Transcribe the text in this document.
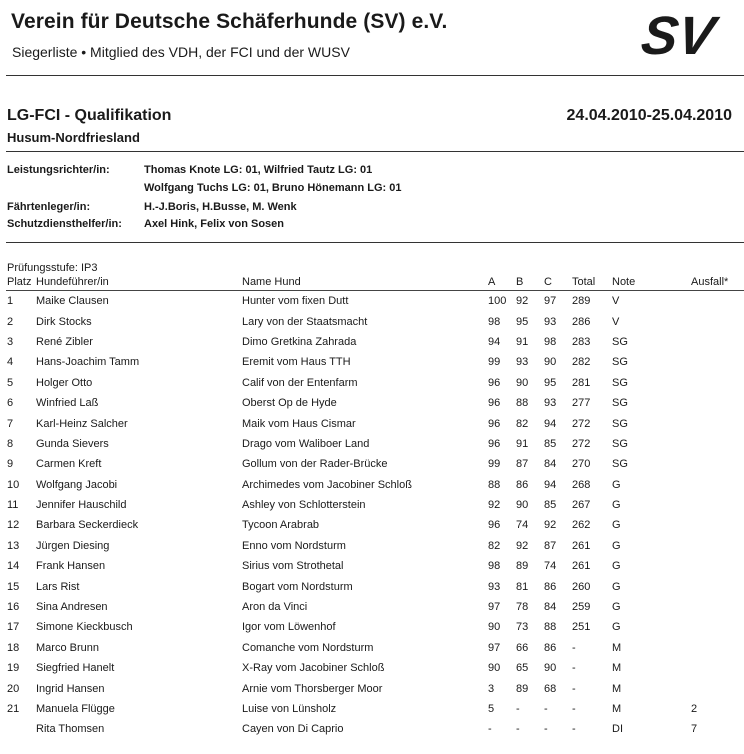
Verein für Deutsche Schäferhunde (SV) e.V.
Siegerliste • Mitglied des VDH, der FCI und der WUSV	SV
LG-FCI - Qualifikation	24.04.2010-25.04.2010
Husum-Nordfriesland
Leistungsrichter/in:	Thomas Knote LG: 01, Wilfried Tautz LG: 01
Wolfgang Tuchs LG: 01, Bruno Hönemann LG: 01
Fährtenleger/in:	H.-J.Boris, H.Busse, M. Wenk
Schutzdiensthelfer/in: Axel Hink, Felix von Sosen
Prüfungsstufe: IP3
Platz	Hundeführer/in	Name Hund	A	B	C	Total	Note	Ausfall*
1	Maike Clausen	Hunter vom fixen Dutt	100	92	97	289	V	
2	Dirk Stocks	Lary von der Staatsmacht	98	95	93	286	V	
3	René Zibler	Dimo Gretkina Zahrada	94	91	98	283	SG	
4	Hans-Joachim Tamm	Eremit vom Haus TTH	99	93	90	282	SG	
5	Holger Otto	Calif von der Entenfarm	96	90	95	281	SG	
6	Winfried Laß	Oberst Op de Hyde	96	88	93	277	SG	
7	Karl-Heinz Salcher	Maik vom Haus Cismar	96	82	94	272	SG	
8	Gunda Sievers	Drago vom Waliboer Land	96	91	85	272	SG	
9	Carmen Kreft	Gollum von der Rader-Brücke	99	87	84	270	SG	
10	Wolfgang Jacobi	Archimedes vom Jacobiner Schloß	88	86	94	268	G	
11	Jennifer Hauschild	Ashley von Schlotterstein	92	90	85	267	G	
12	Barbara Seckerdieck	Tycoon Arabrab	96	74	92	262	G	
13	Jürgen Diesing	Enno vom Nordsturm	82	92	87	261	G	
14	Frank Hansen	Sirius vom Strothetal	98	89	74	261	G	
15	Lars Rist	Bogart vom Nordsturm	93	81	86	260	G	
16	Sina Andresen	Aron da Vinci	97	78	84	259	G	
17	Simone Kieckbusch	Igor vom Löwenhof	90	73	88	251	G	
18	Marco Brunn	Comanche vom Nordsturm	97	66	86	-	M	
19	Siegfried Hanelt	X-Ray vom Jacobiner Schloß	90	65	90	-	M	
20	Ingrid Hansen	Arnie vom Thorsberger Moor	3	89	68	-	M	
21	Manuela Flügge	Luise von Lünsholz	5	-	-	-	M	2
	Rita Thomsen	Cayen von Di Caprio	-	-	-	-	DI	7
